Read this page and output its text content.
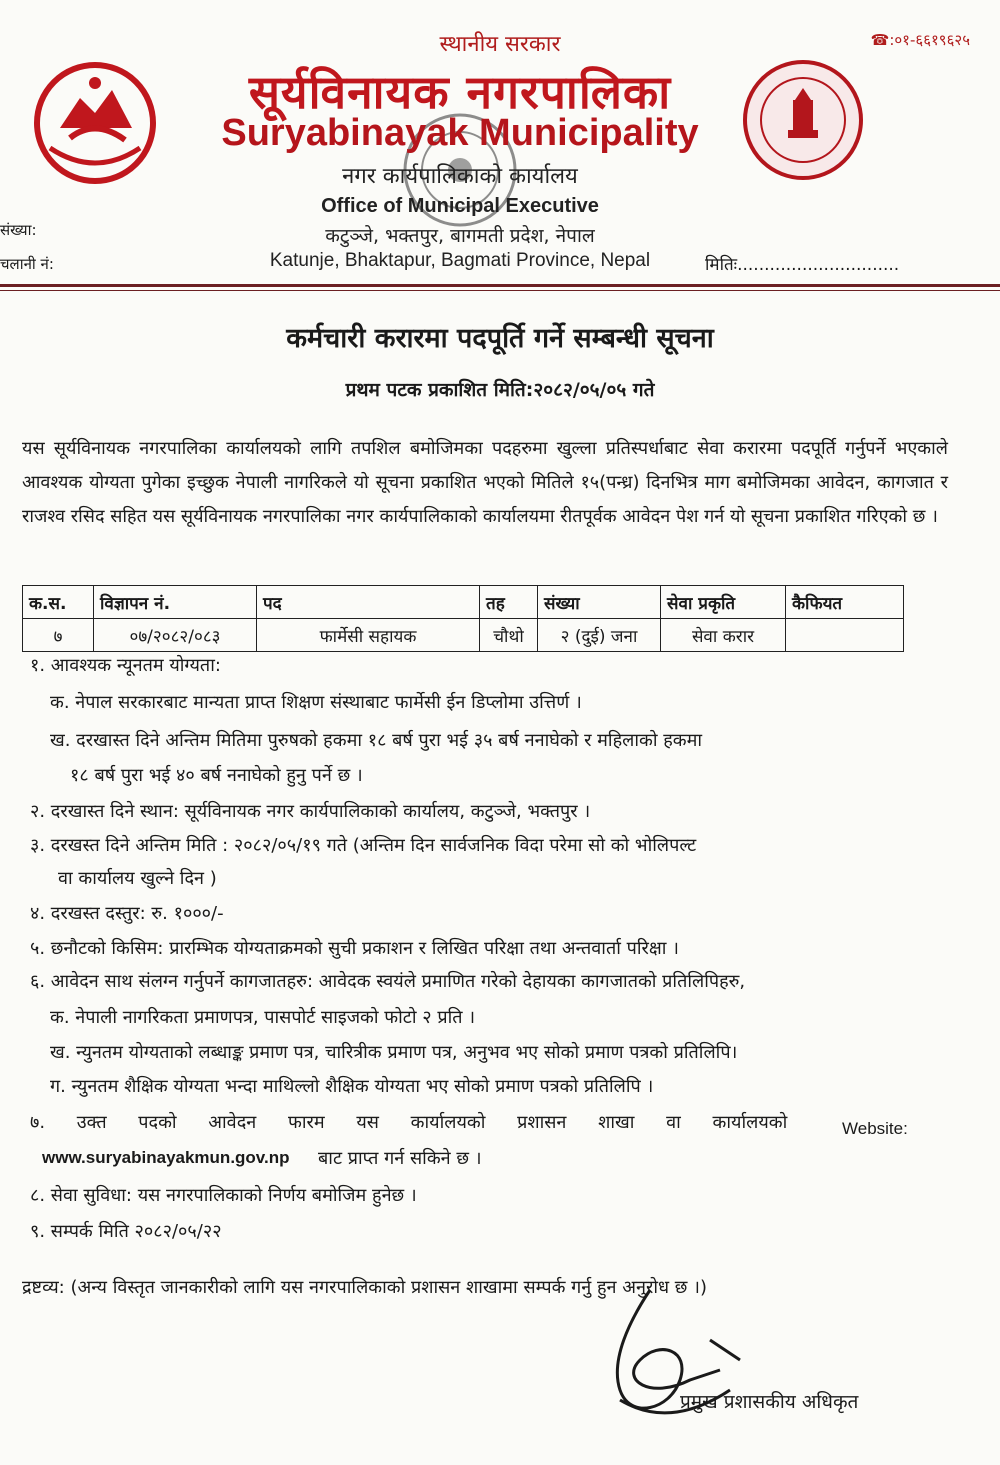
☎:०१-६६१९६२५
स्थानीय सरकार
सूर्यविनायक नगरपालिका
Suryabinayak Municipality
नगर कार्यपालिकाको कार्यालय
Office of Municipal Executive
कटुञ्जे, भक्तपुर, बागमती प्रदेश, नेपाल
Katunje, Bhaktapur, Bagmati Province, Nepal
संख्या:
चलानी नं:	मितिः..............................
कर्मचारी करारमा पदपूर्ति गर्ने सम्बन्धी सूचना
प्रथम पटक प्रकाशित मिति:२०८२/०५/०५ गते
यस सूर्यविनायक नगरपालिका कार्यालयको लागि तपशिल बमोजिमका पदहरुमा खुल्ला प्रतिस्पर्धाबाट सेवा करारमा पदपूर्ति गर्नुपर्ने भएकाले आवश्यक योग्यता पुगेका इच्छुक नेपाली नागरिकले यो सूचना प्रकाशित भएको मितिले १५(पन्ध्र) दिनभित्र माग बमोजिमका आवेदन, कागजात र राजश्व रसिद सहित यस सूर्यविनायक नगरपालिका नगर कार्यपालिकाको कार्यालयमा रीतपूर्वक आवेदन पेश गर्न यो सूचना प्रकाशित गरिएको छ ।
क.स.	विज्ञापन नं.	पद	तह	संख्या	सेवा प्रकृति	कैफियत
७	०७/२०८२/०८३	फार्मेसी सहायक	चौथो	२ (दुई) जना	सेवा करार	
१. आवश्यक न्यूनतम योग्यता:
क. नेपाल सरकारबाट मान्यता प्राप्त शिक्षण संस्थाबाट फार्मेसी ईन डिप्लोमा उत्तिर्ण ।
ख. दरखास्त दिने अन्तिम मितिमा पुरुषको हकमा १८ बर्ष पुरा भई ३५ बर्ष ननाघेको र महिलाको हकमा
१८ बर्ष पुरा भई ४० बर्ष ननाघेको हुनु पर्ने छ ।
२. दरखास्त दिने स्थान: सूर्यविनायक नगर कार्यपालिकाको कार्यालय, कटुञ्जे, भक्तपुर ।
३. दरखस्त दिने अन्तिम मिति : २०८२/०५/१९ गते (अन्तिम दिन सार्वजनिक विदा परेमा सो को भोलिपल्ट
वा कार्यालय खुल्ने दिन )
४. दरखस्त दस्तुर: रु. १०००/-
५. छनौटको किसिम: प्रारम्भिक योग्यताक्रमको सुची प्रकाशन र लिखित परिक्षा तथा अन्तवार्ता परिक्षा ।
६. आवेदन साथ संलग्न गर्नुपर्ने कागजातहरु: आवेदक स्वयंले प्रमाणित गरेको देहायका कागजातको प्रतिलिपिहरु,
क. नेपाली नागरिकता प्रमाणपत्र, पासपोर्ट साइजको फोटो २ प्रति ।
ख. न्युनतम योग्यताको लब्धाङ्क प्रमाण पत्र, चारित्रीक प्रमाण पत्र, अनुभव भए सोको प्रमाण पत्रको प्रतिलिपि।
ग. न्युनतम शैक्षिक योग्यता भन्दा माथिल्लो शैक्षिक योग्यता भए सोको प्रमाण पत्रको प्रतिलिपि ।
७. उक्त पदको आवेदन फारम यस कार्यालयको प्रशासन शाखा वा कार्यालयको	Website:
www.suryabinayakmun.gov.np बाट प्राप्त गर्न सकिने छ ।
८. सेवा सुविधा: यस नगरपालिकाको निर्णय बमोजिम हुनेछ ।
९. सम्पर्क मिति २०८२/०५/२२
द्रष्टव्य: (अन्य विस्तृत जानकारीको लागि यस नगरपालिकाको प्रशासन शाखामा सम्पर्क गर्नु हुन अनुरोध छ ।)
प्रमुख प्रशासकीय अधिकृत
